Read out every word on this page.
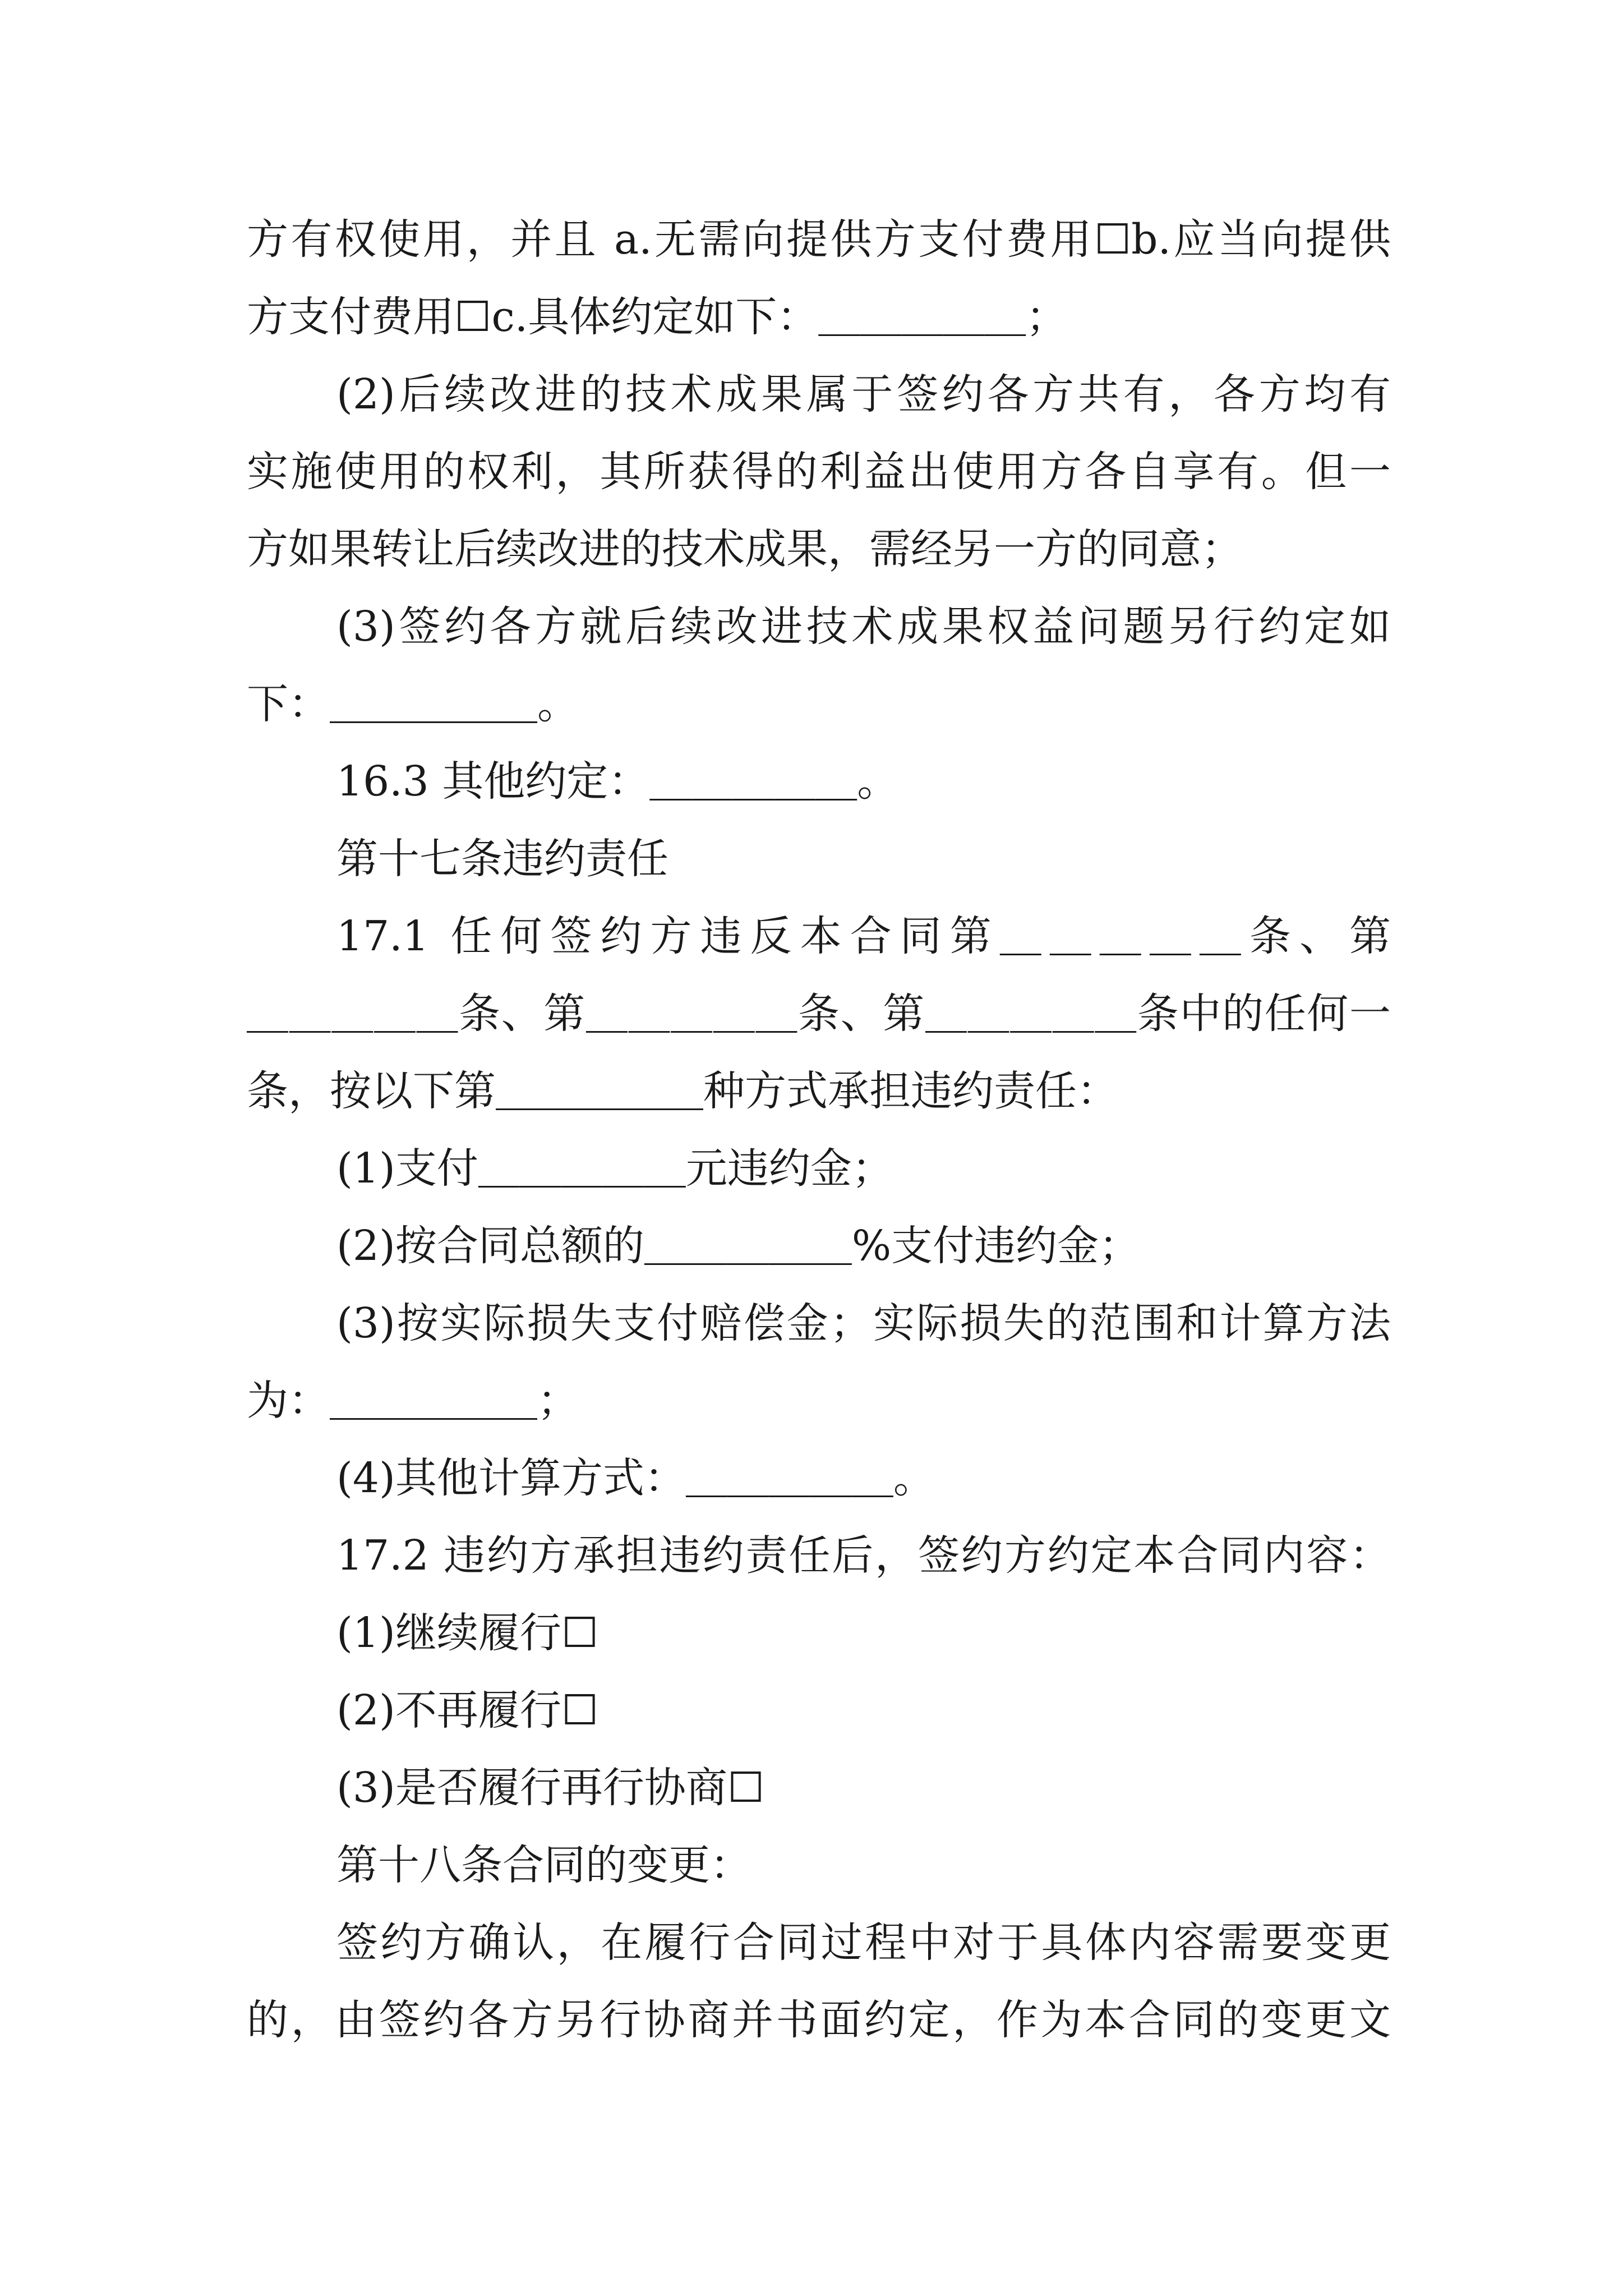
方有权使用，并且 a.无需向提供方支付费用☐b.应当向提供
方支付费用☐c.具体约定如下：＿＿＿＿＿；
(2)后续改进的技术成果属于签约各方共有，各方均有
实施使用的权利，其所获得的利益出使用方各自享有。但一
方如果转让后续改进的技术成果，需经另一方的同意；
(3)签约各方就后续改进技术成果权益问题另行约定如
下：＿＿＿＿＿。
16.3 其他约定：＿＿＿＿＿。
第十七条违约责任
17.1 任何签约方违反本合同第＿＿＿＿＿条、第
＿＿＿＿＿条、第＿＿＿＿＿条、第＿＿＿＿＿条中的任何一
条，按以下第＿＿＿＿＿种方式承担违约责任：
(1)支付＿＿＿＿＿元违约金；
(2)按合同总额的＿＿＿＿＿%支付违约金；
(3)按实际损失支付赔偿金；实际损失的范围和计算方法
为：＿＿＿＿＿；
(4)其他计算方式：＿＿＿＿＿。
17.2 违约方承担违约责任后，签约方约定本合同内容：
(1)继续履行☐
(2)不再履行☐
(3)是否履行再行协商☐
第十八条合同的变更：
签约方确认，在履行合同过程中对于具体内容需要变更
的，由签约各方另行协商并书面约定，作为本合同的变更文
